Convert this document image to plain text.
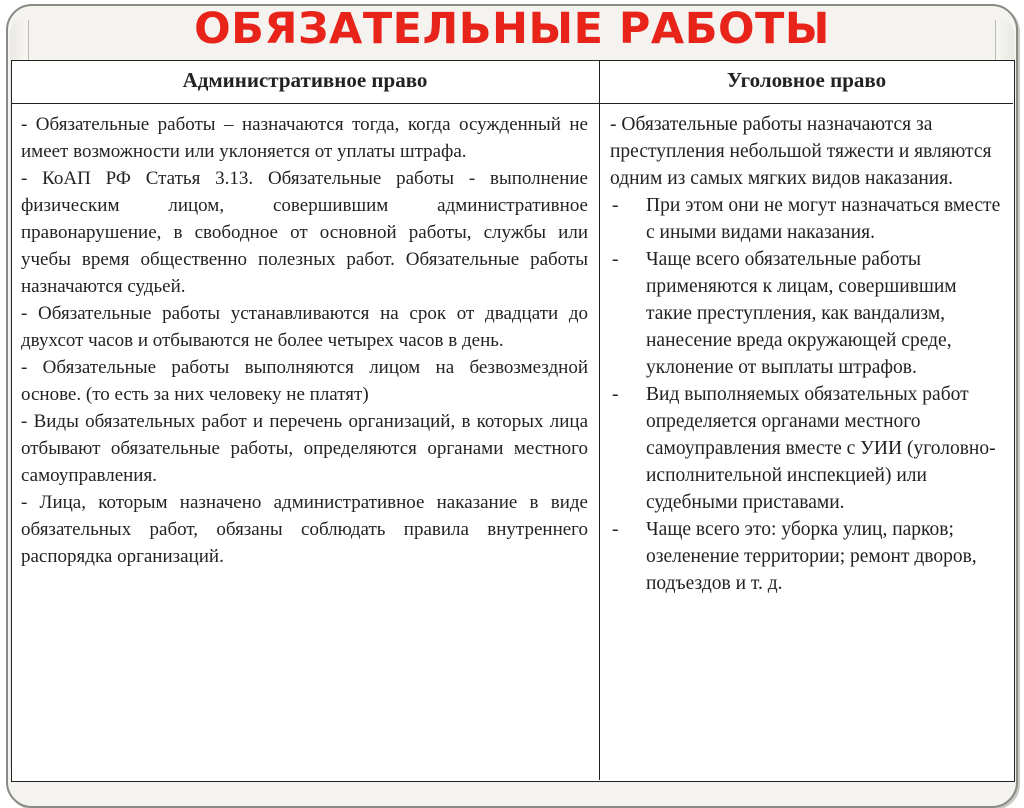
ОБЯЗАТЕЛЬНЫЕ РАБОТЫ
Административное право	Уголовное право

- Обязательные работы – назначаются тогда, когда осужденный не имеет возможности или уклоняется от уплаты штрафа.

- КоАП РФ Статья 3.13. Обязательные работы - выполнение физическим лицом, совершившим административное правонарушение, в свободное от основной работы, службы или учебы время общественно полезных работ. Обязательные работы назначаются судьей.

- Обязательные работы устанавливаются на срок от двадцати до двухсот часов и отбываются не более четырех часов в день.

- Обязательные работы выполняются лицом на безвозмездной основе. (то есть за них человеку не платят)

- Виды обязательных работ и перечень организаций, в которых лица отбывают обязательные работы, определяются органами местного самоуправления.

- Лица, которым назначено административное наказание в виде обязательных работ, обязаны соблюдать правила внутреннего распорядка организаций.

- Обязательные работы назначаются за преступления небольшой тяжести и являются одним из самых мягких видов наказания.

- При этом они не могут назначаться вместе с иными видами наказания.
- Чаще всего обязательные работы применяются к лицам, совершившим такие преступления, как вандализм, нанесение вреда окружающей среде, уклонение от выплаты штрафов.
- Вид выполняемых обязательных работ определяется органами местного самоуправления вместе с УИИ (уголовно-исполнительной инспекцией) или судебными приставами.
- Чаще всего это: уборка улиц, парков; озеленение территории; ремонт дворов, подъездов и т. д.
